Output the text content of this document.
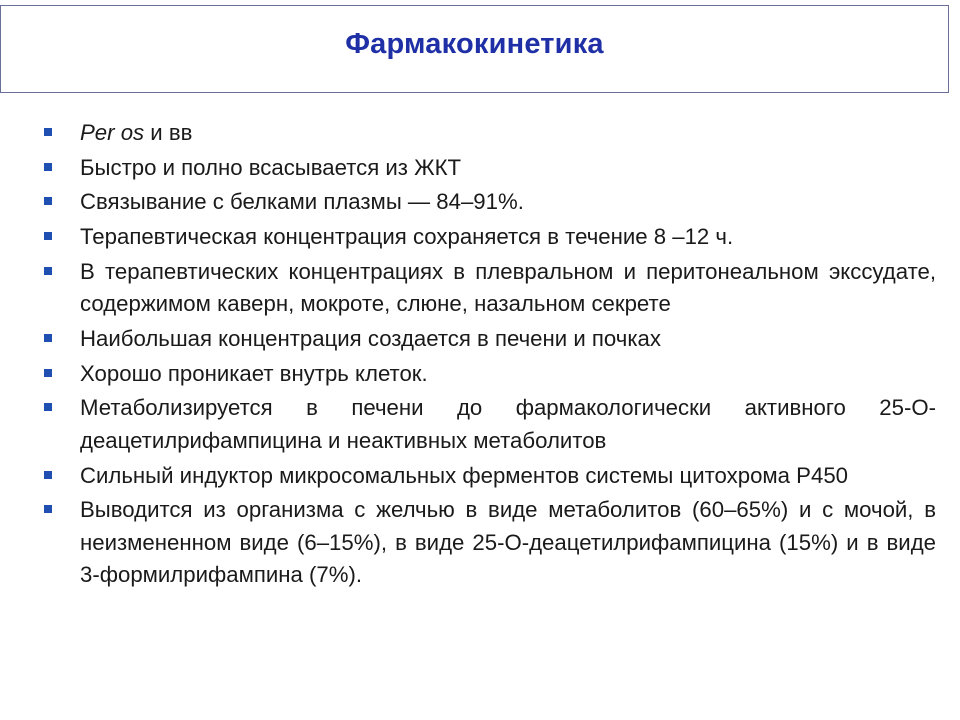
Фармакокинетика
Per os и вв
Быстро и полно всасывается из ЖКТ
Связывание с белками плазмы — 84–91%.
Терапевтическая концентрация сохраняется в течение 8 –12 ч.
В терапевтических концентрациях в плевральном и перитонеальном экссудате, содержимом каверн, мокроте, слюне, назальном секрете
Наибольшая концентрация создается в печени и почках
Хорошо проникает внутрь клеток.
Метаболизируется в печени до фармакологически активного 25-О-деацетилрифампицина и неактивных метаболитов
Сильный индуктор микросомальных ферментов системы цитохрома Р450
Выводится из организма с желчью в виде метаболитов (60–65%) и с мочой, в неизмененном виде (6–15%), в виде 25-О-деацетилрифампицина (15%) и в виде 3-формилрифампина (7%).
